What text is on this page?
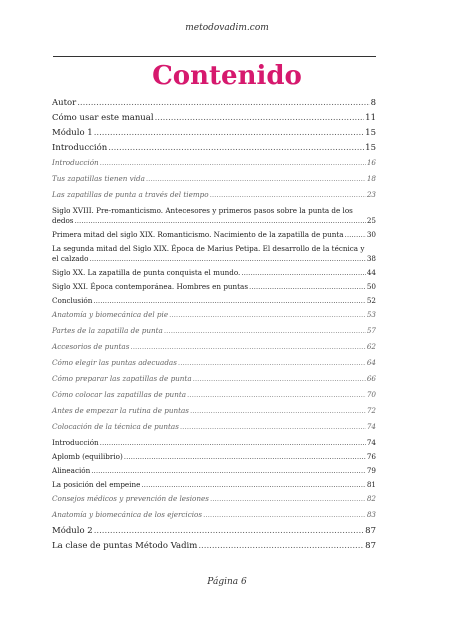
metodovadim.com
Contenido
Autor .....	8
Cómo usar este manual .....	11
Módulo 1 .....	15
Introducción .....	15
Introducción .....	16
Tus zapatillas tienen vida .....	18
Las zapatillas de punta a través del tiempo .....	23
Siglo XVIII. Pre-romanticismo. Antecesores y primeros pasos sobre la punta de los
dedos .....	25
Primera mitad del siglo XIX. Romanticismo. Nacimiento de la zapatilla de punta .....	30
La segunda mitad del Siglo XIX. Época de Marius Petipa. El desarrollo de la técnica y
el calzado .....	38
Siglo XX. La zapatilla de punta conquista el mundo. .....	44
Siglo XXI. Época contemporánea. Hombres en puntas .....	50
Conclusión .....	52
Anatomía y biomecánica del pie .....	53
Partes de la zapatilla de punta .....	57
Accesorios de puntas .....	62
Cómo elegir las puntas adecuadas .....	64
Cómo preparar las zapatillas de punta .....	66
Cómo colocar las zapatillas de punta .....	70
Antes de empezar la rutina de puntas .....	72
Colocación de la técnica de puntas .....	74
Introducción .....	74
Aplomb (equilibrio) .....	76
Alineación .....	79
La posición del empeine .....	81
Consejos médicos y prevención de lesiones .....	82
Anatomía y biomecánica de los ejercicios .....	83
Módulo 2 .....	87
La clase de puntas Método Vadim .....	87
Página 6
